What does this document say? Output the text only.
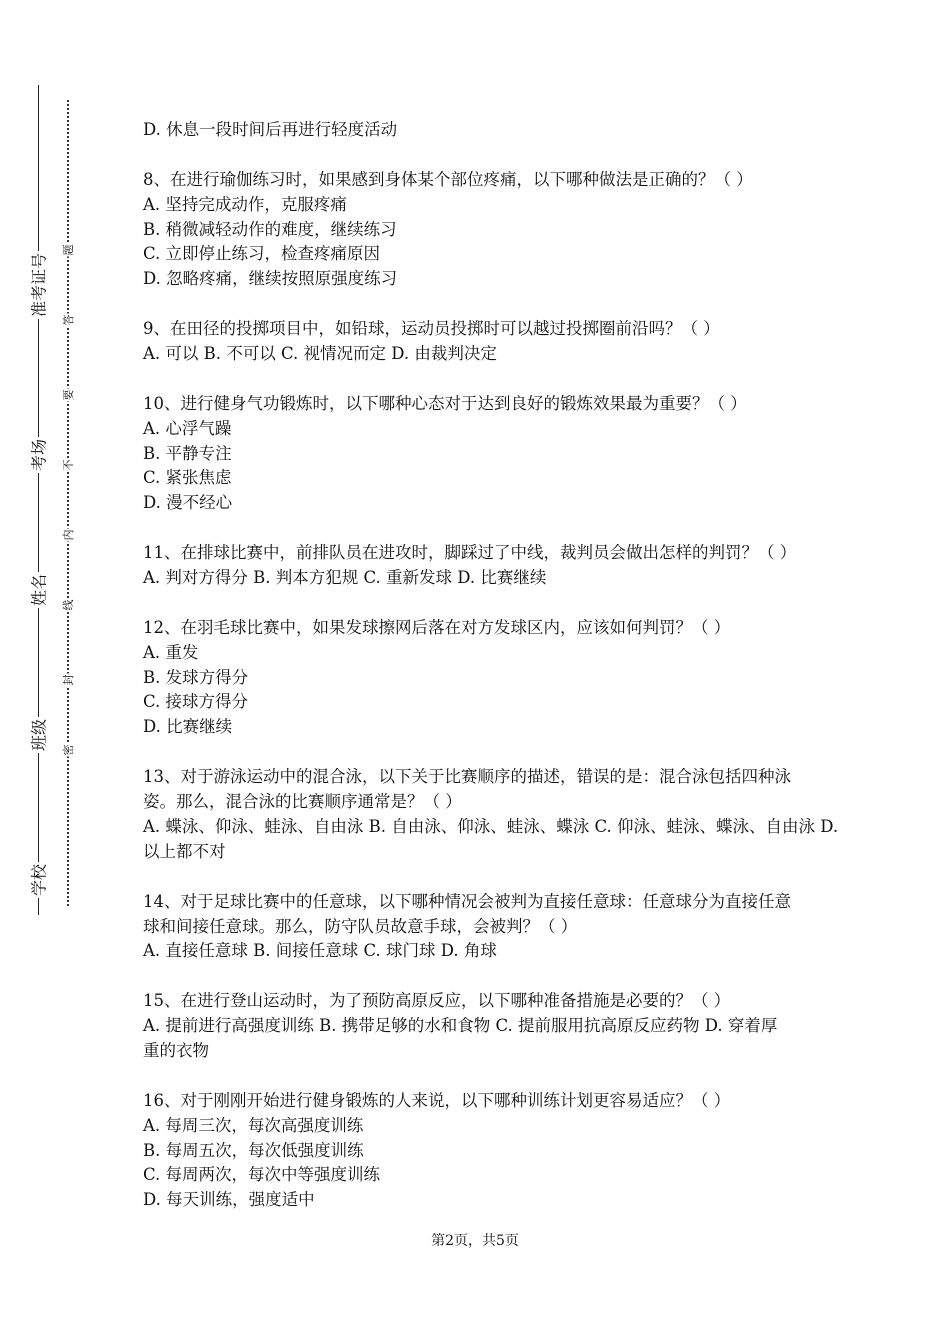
学校
班级
姓名
考场
准考证号
密
封
线
内
不
要
答
题
D. 休息一段时间后再进行轻度活动
8、在进行瑜伽练习时，如果感到身体某个部位疼痛，以下哪种做法是正确的？（ ）
A. 坚持完成动作，克服疼痛
B. 稍微减轻动作的难度，继续练习
C. 立即停止练习，检查疼痛原因
D. 忽略疼痛，继续按照原强度练习
9、在田径的投掷项目中，如铅球，运动员投掷时可以越过投掷圈前沿吗？（ ）
A. 可以 B. 不可以 C. 视情况而定 D. 由裁判决定
10、进行健身气功锻炼时，以下哪种心态对于达到良好的锻炼效果最为重要？（ ）
A. 心浮气躁
B. 平静专注
C. 紧张焦虑
D. 漫不经心
11、在排球比赛中，前排队员在进攻时，脚踩过了中线，裁判员会做出怎样的判罚？（ ）
A. 判对方得分 B. 判本方犯规 C. 重新发球 D. 比赛继续
12、在羽毛球比赛中，如果发球擦网后落在对方发球区内，应该如何判罚？（ ）
A. 重发
B. 发球方得分
C. 接球方得分
D. 比赛继续
13、对于游泳运动中的混合泳，以下关于比赛顺序的描述，错误的是：混合泳包括四种泳
姿。那么，混合泳的比赛顺序通常是？（ ）
A. 蝶泳、仰泳、蛙泳、自由泳 B. 自由泳、仰泳、蛙泳、蝶泳 C. 仰泳、蛙泳、蝶泳、自由泳 D.
以上都不对
14、对于足球比赛中的任意球，以下哪种情况会被判为直接任意球：任意球分为直接任意
球和间接任意球。那么，防守队员故意手球，会被判？（ ）
A. 直接任意球 B. 间接任意球 C. 球门球 D. 角球
15、在进行登山运动时，为了预防高原反应，以下哪种准备措施是必要的？（ ）
A. 提前进行高强度训练 B. 携带足够的水和食物 C. 提前服用抗高原反应药物 D. 穿着厚
重的衣物
16、对于刚刚开始进行健身锻炼的人来说，以下哪种训练计划更容易适应？（ ）
A. 每周三次，每次高强度训练
B. 每周五次，每次低强度训练
C. 每周两次，每次中等强度训练
D. 每天训练，强度适中
第2页，共5页
